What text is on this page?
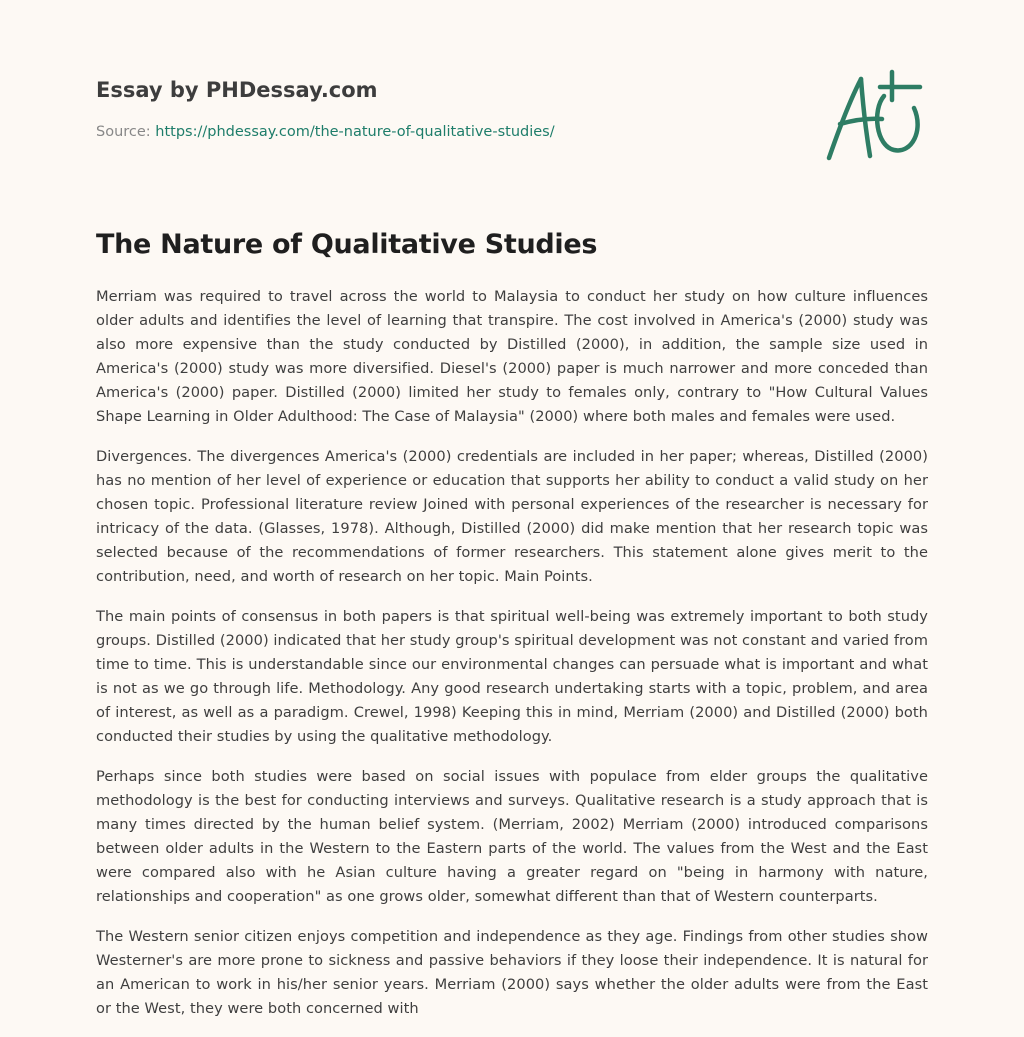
Essay by PHDessay.com
Source: https://phdessay.com/the-nature-of-qualitative-studies/
The Nature of Qualitative Studies

Merriam was required to travel across the world to Malaysia to conduct her study on how culture influences older adults and identifies the level of learning that transpire. The cost involved in America's (2000) study was also more expensive than the study conducted by Distilled (2000), in addition, the sample size used in America's (2000) study was more diversified. Diesel's (2000) paper is much narrower and more conceded than America's (2000) paper. Distilled (2000) limited her study to females only, contrary to "How Cultural Values Shape Learning in Older Adulthood: The Case of Malaysia" (2000) where both males and females were used.

Divergences. The divergences America's (2000) credentials are included in her paper; whereas, Distilled (2000) has no mention of her level of experience or education that supports her ability to conduct a valid study on her chosen topic. Professional literature review Joined with personal experiences of the researcher is necessary for intricacy of the data. (Glasses, 1978). Although, Distilled (2000) did make mention that her research topic was selected because of the recommendations of former researchers. This statement alone gives merit to the contribution, need, and worth of research on her topic. Main Points.

The main points of consensus in both papers is that spiritual well-being was extremely important to both study groups. Distilled (2000) indicated that her study group's spiritual development was not constant and varied from time to time. This is understandable since our environmental changes can persuade what is important and what is not as we go through life. Methodology. Any good research undertaking starts with a topic, problem, and area of interest, as well as a paradigm. Crewel, 1998) Keeping this in mind, Merriam (2000) and Distilled (2000) both conducted their studies by using the qualitative methodology.

Perhaps since both studies were based on social issues with populace from elder groups the qualitative methodology is the best for conducting interviews and surveys. Qualitative research is a study approach that is many times directed by the human belief system. (Merriam, 2002) Merriam (2000) introduced comparisons between older adults in the Western to the Eastern parts of the world. The values from the West and the East were compared also with he Asian culture having a greater regard on "being in harmony with nature, relationships and cooperation" as one grows older, somewhat different than that of Western counterparts.

The Western senior citizen enjoys competition and independence as they age. Findings from other studies show Westerner's are more prone to sickness and passive behaviors if they loose their independence. It is natural for an American to work in his/her senior years. Merriam (2000) says whether the older adults were from the East or the West, they were both concerned with
